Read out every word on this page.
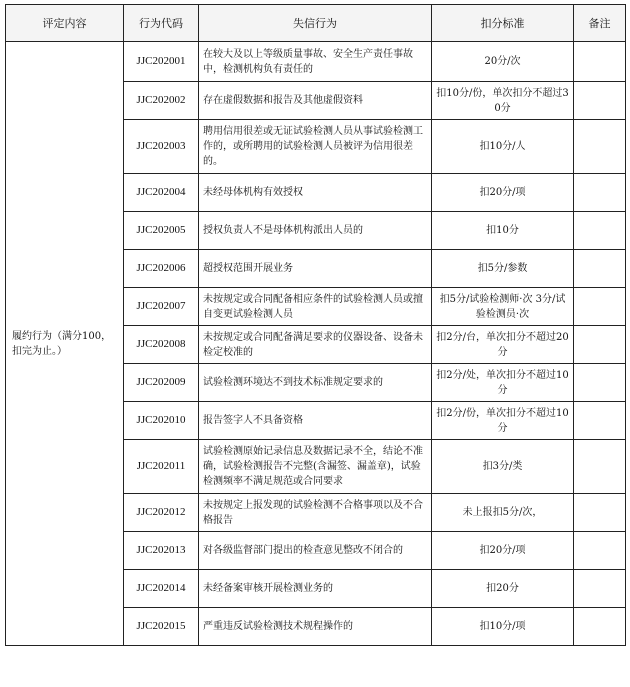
评定内容	行为代码	失信行为	扣分标准	备注
履约行为（满分100，扣完为止。）	JJC202001	在较大及以上等级质量事故、安全生产责任事故中，检测机构负有责任的	20分/次	
	JJC202002	存在虚假数据和报告及其他虚假资料	扣10分/份，单次扣分不超过30分	
	JJC202003	聘用信用很差或无证试验检测人员从事试验检测工作的，或所聘用的试验检测人员被评为信用很差的。	扣10分/人	
	JJC202004	未经母体机构有效授权	扣20分/项	
	JJC202005	授权负责人不是母体机构派出人员的	扣10分	
	JJC202006	超授权范围开展业务	扣5分/参数	
	JJC202007	未按规定或合同配备相应条件的试验检测人员或擅自变更试验检测人员	扣5分/试验检测师·次 3分/试验检测员·次	
	JJC202008	未按规定或合同配备满足要求的仪器设备、设备未检定校准的	扣2分/台，单次扣分不超过20分	
	JJC202009	试验检测环境达不到技术标准规定要求的	扣2分/处，单次扣分不超过10分	
	JJC202010	报告签字人不具备资格	扣2分/份，单次扣分不超过10分	
	JJC202011	试验检测原始记录信息及数据记录不全，结论不准确，试验检测报告不完整(含漏签、漏盖章)，试验检测频率不满足规范或合同要求	扣3分/类	
	JJC202012	未按规定上报发现的试验检测不合格事项以及不合格报告	未上报扣5分/次，	
	JJC202013	对各级监督部门提出的检查意见整改不闭合的	扣20分/项	
	JJC202014	未经备案审核开展检测业务的	扣20分	
	JJC202015	严重违反试验检测技术规程操作的	扣10分/项	
